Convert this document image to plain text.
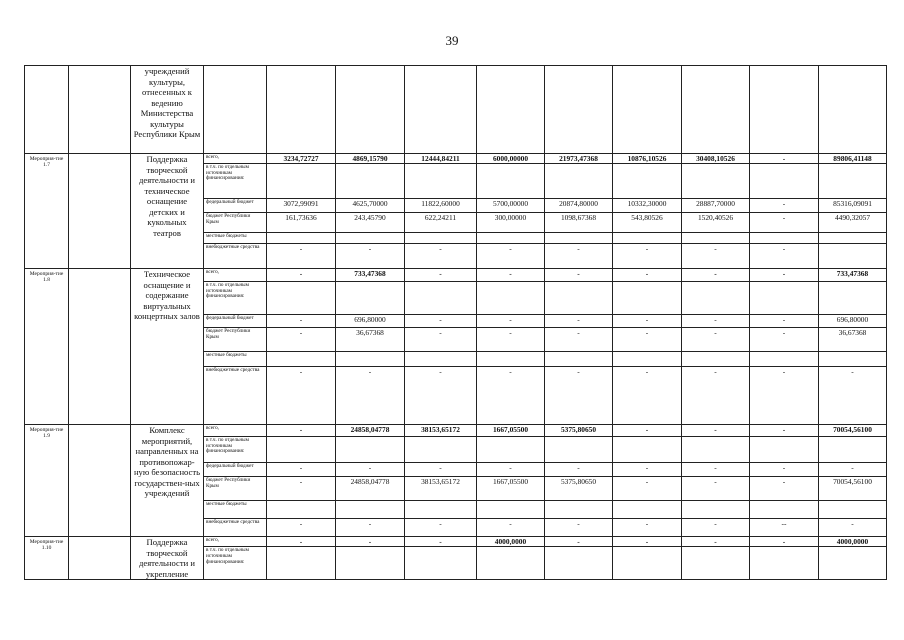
39
		учреждений культуры, отнесенных к ведению Министерства культуры Республики Крым										
Мероприя-тие 1.7		Поддержка творческой деятельности и техническое оснащение детских и кукольных театров	всего,	3234,72727	4869,15790	12444,84211	6000,00000	21973,47368	10876,10526	30408,10526	-	89806,41148
			в т.ч. по отдельным источникам финансирования:									
			федеральный бюджет	3072,99091	4625,70000	11822,60000	5700,00000	20874,80000	10332,30000	28887,70000	-	85316,09091
			бюджет Республики Крым	161,73636	243,45790	622,24211	300,00000	1098,67368	543,80526	1520,40526	-	4490,32057
			местные бюджеты									
			внебюджетные средства	-	-	-	-	-	-	-	-	
Мероприя-тие 1.8		Техническое оснащение и содержание виртуальных концертных залов	всего,	-	733,47368	-	-	-	-	-	-	733,47368
			в т.ч. по отдельным источникам финансирования:									
			федеральный бюджет	-	696,80000	-	-	-	-	-	-	696,80000
			бюджет Республики Крым	-	36,67368	-	-	-	-	-	-	36,67368
			местные бюджеты									
			внебюджетные средства	-	-	-	-	-	-	-	-	-
Мероприя-тие 1.9		Комплекс мероприятий, направленных на противопожар-ную безопасность государствен-ных учреждений	всего,	-	24858,04778	38153,65172	1667,05500	5375,80650	-	-	-	70054,56100
			в т.ч. по отдельным источникам финансирования:									
			федеральный бюджет	-	-	-	-	-	-	-	-	-
			бюджет Республики Крым	-	24858,04778	38153,65172	1667,05500	5375,80650	-	-	-	70054,56100
			местные бюджеты									
			внебюджетные средства	-	-	-	-	-	-	-	--	-
Мероприя-тие 1.10		Поддержка творческой деятельности и укрепление	всего,	-	-	-	4000,0000	-	-	-	-	4000,0000
			в т.ч. по отдельным источникам финансирования:									
